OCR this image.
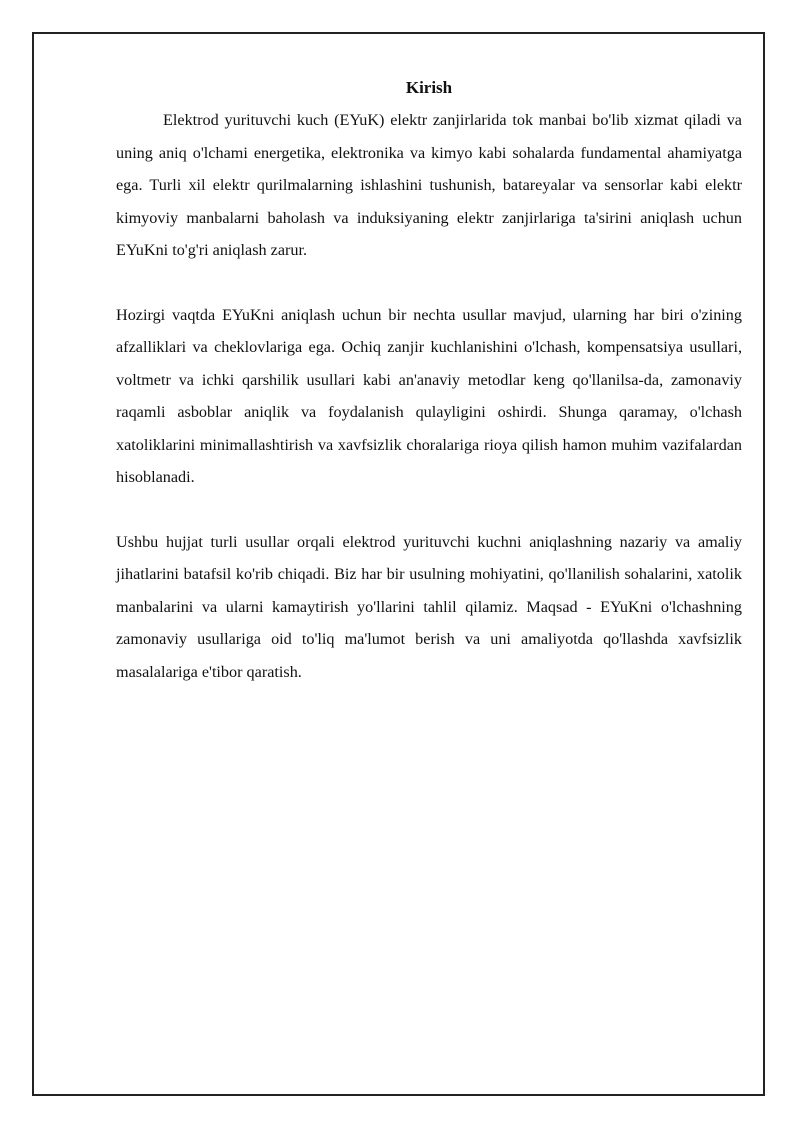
Kirish

Elektrod yurituvchi kuch (EYuK) elektr zanjirlarida tok manbai bo'lib xizmat qiladi va uning aniq o'lchami energetika, elektronika va kimyo kabi sohalarda fundamental ahamiyatga ega. Turli xil elektr qurilmalarning ishlashini tushunish, batareyalar va sensorlar kabi elektr kimyoviy manbalarni baholash va induksiyaning elektr zanjirlariga ta'sirini aniqlash uchun EYuKni to'g'ri aniqlash zarur.

Hozirgi vaqtda EYuKni aniqlash uchun bir nechta usullar mavjud, ularning har biri o'zining afzalliklari va cheklovlariga ega. Ochiq zanjir kuchlanishini o'lchash, kompensatsiya usullari, voltmetr va ichki qarshilik usullari kabi an'anaviy metodlar keng qo'llanilsa-da, zamonaviy raqamli asboblar aniqlik va foydalanish qulayligini oshirdi. Shunga qaramay, o'lchash xatoliklarini minimallashtirish va xavfsizlik choralariga rioya qilish hamon muhim vazifalardan hisoblanadi.

Ushbu hujjat turli usullar orqali elektrod yurituvchi kuchni aniqlashning nazariy va amaliy jihatlarini batafsil ko'rib chiqadi. Biz har bir usulning mohiyatini, qo'llanilish sohalarini, xatolik manbalarini va ularni kamaytirish yo'llarini tahlil qilamiz. Maqsad - EYuKni o'lchashning zamonaviy usullariga oid to'liq ma'lumot berish va uni amaliyotda qo'llashda xavfsizlik masalalariga e'tibor qaratish.
